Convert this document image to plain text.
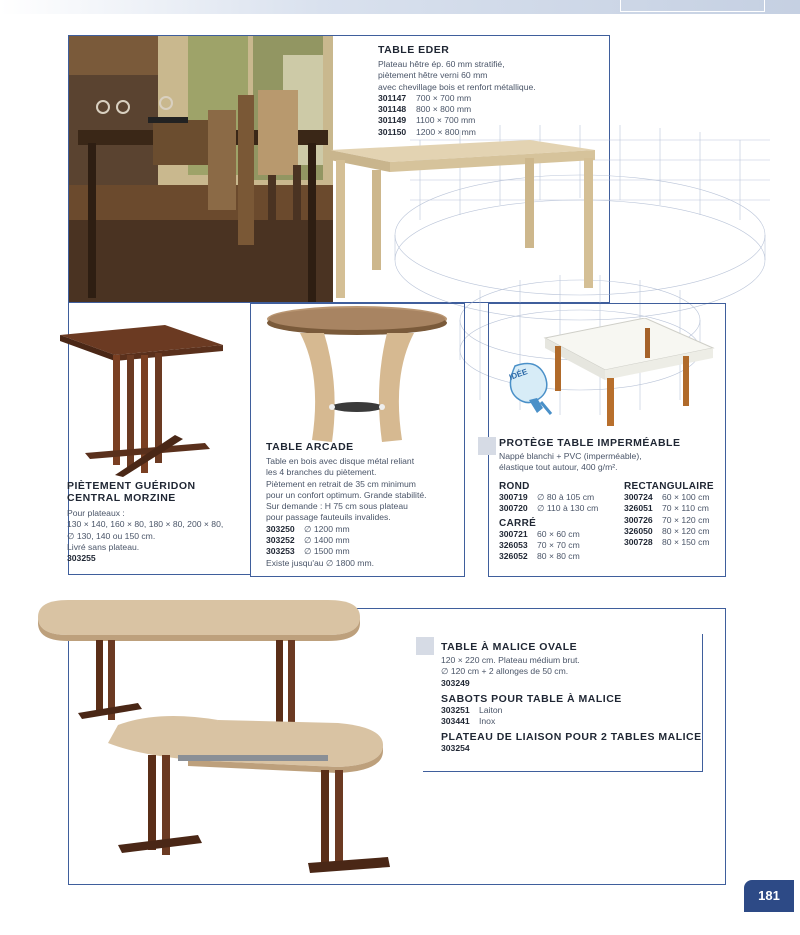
TABLE EDER
Plateau hêtre ép. 60 mm stratifié,
piètement hêtre verni 60 mm
avec chevillage bois et renfort métallique.
301147	700 × 700 mm
301148	800 × 800 mm
301149	1100 × 700 mm
301150	1200 × 800 mm
PIÈTEMENT GUÉRIDON CENTRAL MORZINE
Pour plateaux :
130 × 140, 160 × 80, 180 × 80, 200 × 80,
∅ 130, 140 ou 150 cm.
Livré sans plateau.
303255
TABLE ARCADE
Table en bois avec disque métal reliant
les 4 branches du piètement.
Piètement en retrait de 35 cm minimum
pour un confort optimum. Grande stabilité.
Sur demande : H 75 cm sous plateau
pour passage fauteuils invalides.
303250	∅ 1200 mm
303252	∅ 1400 mm
303253	∅ 1500 mm
Existe jusqu'au ∅ 1800 mm.
IDÉE
PROTÈGE TABLE IMPERMÉABLE
Nappé blanchi + PVC (imperméable),
élastique tout autour, 400 g/m².
ROND
300719	∅ 80 à 105 cm
300720	∅ 110 à 130 cm
CARRÉ
300721	60 × 60 cm
326053	70 × 70 cm
326052	80 × 80 cm
RECTANGULAIRE
300724	60 × 100 cm
326051	70 × 110 cm
300726	70 × 120 cm
326050	80 × 120 cm
300728	80 × 150 cm
TABLE À MALICE OVALE
120 × 220 cm. Plateau médium brut.
∅ 120 cm + 2 allonges de 50 cm.
303249
SABOTS POUR TABLE À MALICE
303251	Laiton
303441	Inox
PLATEAU DE LIAISON POUR 2 TABLES MALICE
303254
181
